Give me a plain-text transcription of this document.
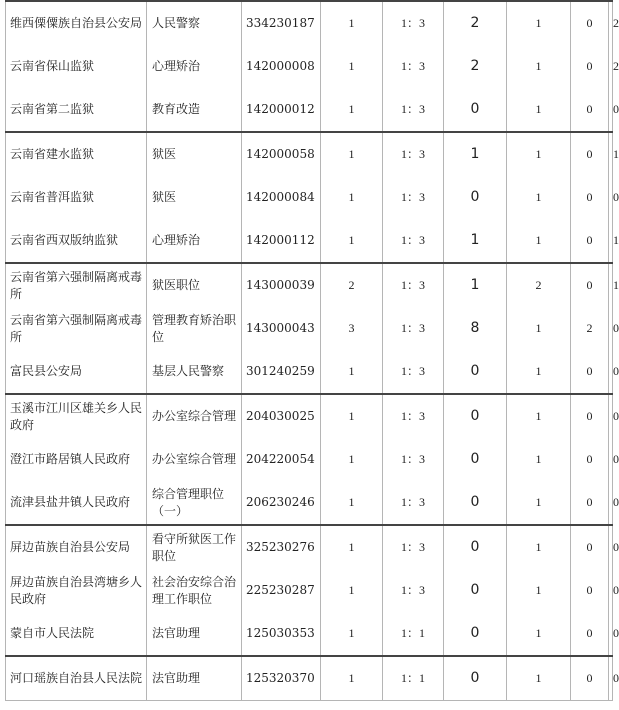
维西傈僳族自治县公安局	人民警察	334230187	1	1：3	2	1	0	2
云南省保山监狱	心理矫治	142000008	1	1：3	2	1	0	2
云南省第二监狱	教育改造	142000012	1	1：3	0	1	0	0
云南省建水监狱	狱医	142000058	1	1：3	1	1	0	1
云南省普洱监狱	狱医	142000084	1	1：3	0	1	0	0
云南省西双版纳监狱	心理矫治	142000112	1	1：3	1	1	0	1
云南省第六强制隔离戒毒所	狱医职位	143000039	2	1：3	1	2	0	1
云南省第六强制隔离戒毒所	管理教育矫治职位	143000043	3	1：3	8	1	2	0
富民县公安局	基层人民警察	301240259	1	1：3	0	1	0	0
玉溪市江川区雄关乡人民政府	办公室综合管理	204030025	1	1：3	0	1	0	0
澄江市路居镇人民政府	办公室综合管理	204220054	1	1：3	0	1	0	0
流津县盐井镇人民政府	综合管理职位（一）	206230246	1	1：3	0	1	0	0
屏边苗族自治县公安局	看守所狱医工作职位	325230276	1	1：3	0	1	0	0
屏边苗族自治县湾塘乡人民政府	社会治安综合治理工作职位	225230287	1	1：3	0	1	0	0
蒙自市人民法院	法官助理	125030353	1	1：1	0	1	0	0
河口瑶族自治县人民法院	法官助理	125320370	1	1：1	0	1	0	0
